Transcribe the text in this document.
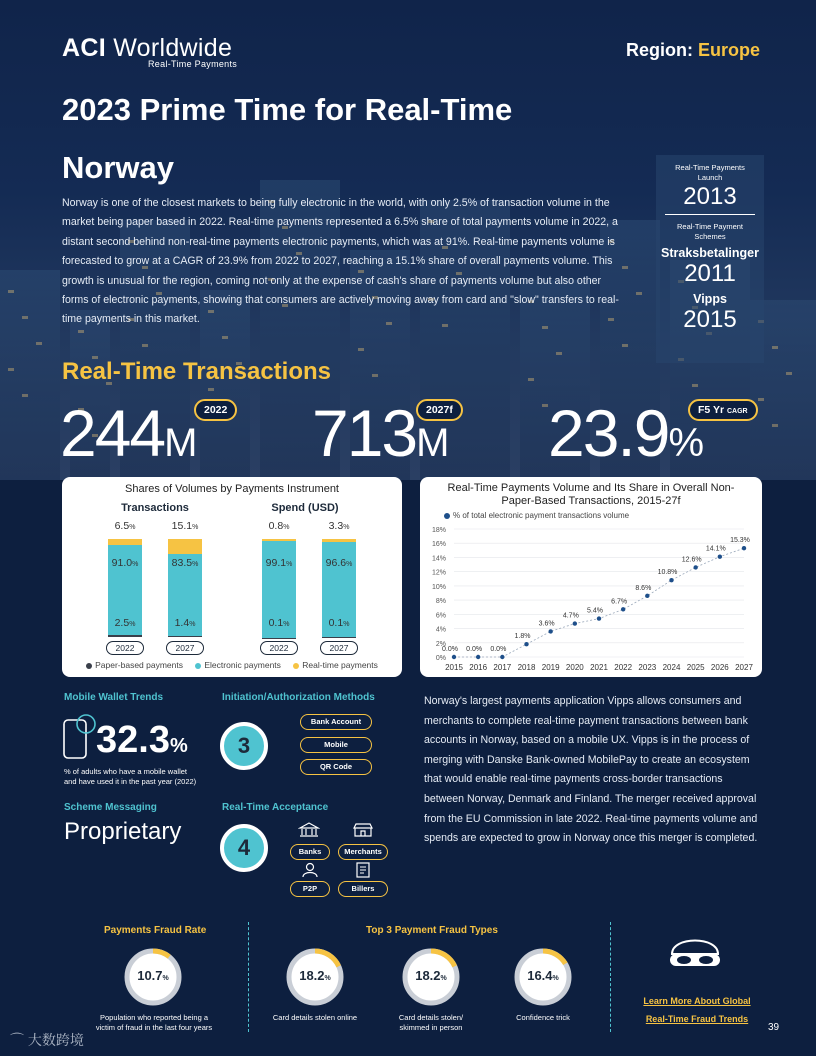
ACI Worldwide
Real-Time Payments
Region: Europe
2023 Prime Time for Real-Time
Norway
Norway is one of the closest markets to being fully electronic in the world, with only 2.5% of transaction volume in the market being paper based in 2022. Real-time payments represented a 6.5% share of total payments volume in 2022, a distant second behind non-real-time payments electronic payments, which was at 91%. Real-time payments volume is forecasted to grow at a CAGR of 23.9% from 2022 to 2027, reaching a 15.1% share of overall payments volume. This growth is unusual for the region, coming not only at the expense of cash's share of payments volume but also other forms of electronic payments, showing that consumers are actively moving away from card and "slow" transfers to real-time payments in this market.
Real-Time Payments Launch
2013
Real-Time Payment Schemes
Straksbetalinger
2011
Vipps
2015
Real-Time Transactions
244M
2022 713M
2027f 23.9%
F5 Yr CAGR
Shares of Volumes by Payments Instrument
Transactions	Spend (USD)
6.5%
91.0%
2.5%
2022
15.1%
83.5%
1.4%
2027
0.8%
99.1%
0.1%
2022
3.3%
96.6%
0.1%
2027
Paper-based payments	Electronic payments	Real-time payments
Real-Time Payments Volume and Its Share in Overall Non-Paper-Based Transactions, 2015-27f
% of total electronic payment transactions volume
0%
2%
4%
6%
8%
10%
12%
14%
16%
18%
2015 2016 2017 2018 2019 2020 2021 2022 2023 2024 2025 2026 2027
0.0% 0.0% 0.0%
1.8%
3.6%
4.7%
5.4%
6.7%
8.6%
10.8%
12.6%
14.1%
15.3%
Mobile Wallet Trends
32.3%
% of adults who have a mobile wallet
and have used it in the past year (2022)
Scheme Messaging
Proprietary
Initiation/Authorization Methods
3
Bank Account
Mobile
QR Code
Real-Time Acceptance
4	Banks	Merchants
P2P	Billers
Norway's largest payments application Vipps allows consumers and merchants to complete real-time payment transactions between bank accounts in Norway, based on a mobile UX. Vipps is in the process of merging with Danske Bank-owned MobilePay to create an ecosystem that would enable real-time payments cross-border transactions between Norway, Denmark and Finland. The merger received approval from the EU Commission in late 2022. Real-time payments volume and spends are expected to grow in Norway once this merger is completed.
Payments Fraud Rate	Top 3 Payment Fraud Types
10.7%	18.2%
Card details stolen online
18.2%
Card details stolen/
skimmed in person
16.4%
Confidence trick
Population who reported being a
victim of fraud in the last four years
Learn More About Global
Real-Time Fraud Trends
39
⌒ 大数跨境
